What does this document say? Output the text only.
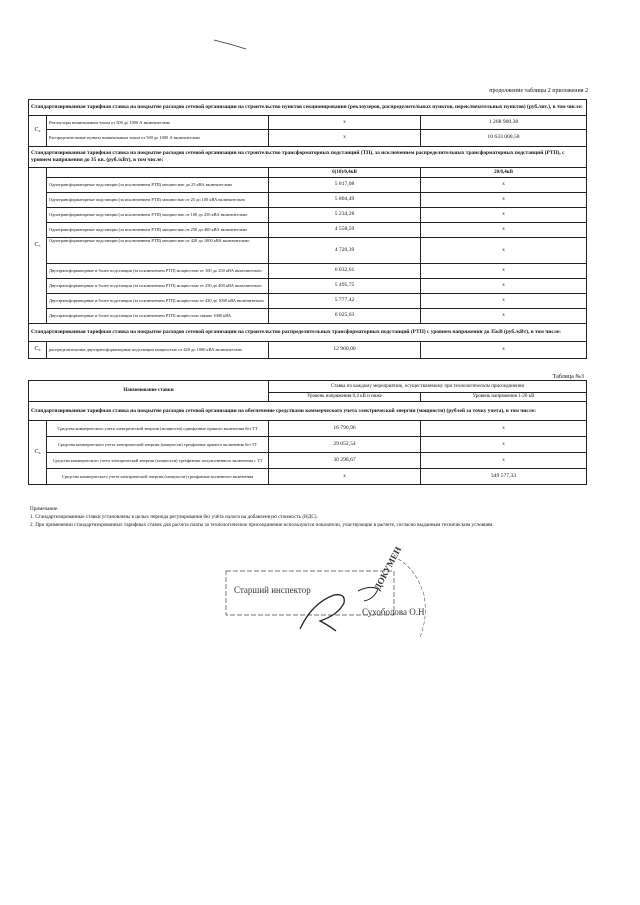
продолжение таблицы 2 приложения 2
Стандартизированная тарифная ставка на покрытие расходов сетевой организации на строительство пунктов секционирования (реклоузеров, распределительных пунктов, переключательных пунктов) (руб./шт.), в том числе:			
C₄	Реклоузеры номинальным током от 500 до 1000 А включительно	х	1 268 900,38
	Распределительные пункты номинальным током от 500 до 1000 А включительно	х	10 633 000,58
Стандартизированная тарифная ставка на покрытие расходов сетевой организации на строительство трансформаторных подстанций (ТП), за исключением распределительных трансформаторных подстанций (РТП), с уровнем напряжения до 35 кв. (руб./кВт), в том числе:			
C₅		6(10)/0,4кВ	20/0,4кВ
	Однотрансформаторные подстанции (за исключением РТП) мощностью до 25 кВА включительно	5 817,08	х
	Однотрансформаторные подстанции (за исключением РТП) мощностью от 25 до 100 кВА включительно	5 804,49	х
	Однотрансформаторные подстанции (за исключением РТП) мощностью от 100 до 250 кВА включительно	5 234,28	х
	Однотрансформаторные подстанции (за исключением РТП) мощностью от 250 до 400 кВА включительно	4 558,59	х
	Однотрансформаторные подстанции (за исключением РТП) мощностью от 420 до 1000 кВА включительно	4 720,39	х
	Двухтрансформаторные и более подстанции (за исключением РТП) мощностью от 100 до 250 кВА включительно	6 032,61	х
	Двухтрансформаторные и более подстанции (за исключением РТП) мощностью от 250 до 400 кВА включительно	5 495,75	х
	Двухтрансформаторные и более подстанции (за исключением РТП) мощностью от 420 до 1000 кВА включительно	5 777,42	х
	Двухтрансформаторные и более подстанции (за исключением РТП) мощностью свыше 1000 кВА	6 025,63	х
Стандартизированная тарифная ставка на покрытие расходов сетевой организации на строительство распределительных трансформаторных подстанций (РТП) с уровнем напряжения до 35кВ (руб./кВт), в том числе:			
C₆	распределительные двухтрансформаторные подстанции мощностью от 420 до 1000 кВА включительно	12 960,00	х
Таблица №3
Наименование ставки		Ставка по каждому мероприятию, осуществляемому при технологическом присоединении	
		Уровень напряжения 0,4 кВ и ниже	Уровень напряжения 1-20 кВ
Стандартизированная тарифная ставка на покрытие расходов сетевой организации на обеспечение средствами коммерческого учета электрической энергии (мощности) (рублей за точку учета), в том числе:			
C₈	Средства коммерческого учета электрической энергии (мощности) однофазные прямого включения без ТТ	16 790,96	х
	Средства коммерческого учета электрической энергии (мощности) трехфазные прямого включения без ТТ	29 052,54	х
	Средства коммерческого учета электрической энергии (мощности) трехфазные полукосвенного включения с ТТ	30 298,67	х
	Средства коммерческого учета электрической энергии (мощности) трехфазные косвенного включения	х	349 577,33
Примечание.
1. Стандартизированные ставки установлены в целых периода регулирования без учёта налога на добавленную стоимость (НДС).
2. При применении стандартизированных тарифных ставок для расчета платы за технологическое присоединение используются показатели, участвующие в расчете, согласно выданным техническим условиям.
Старший инспектор
Сухоболова О.Н
ДОКУМЕН
